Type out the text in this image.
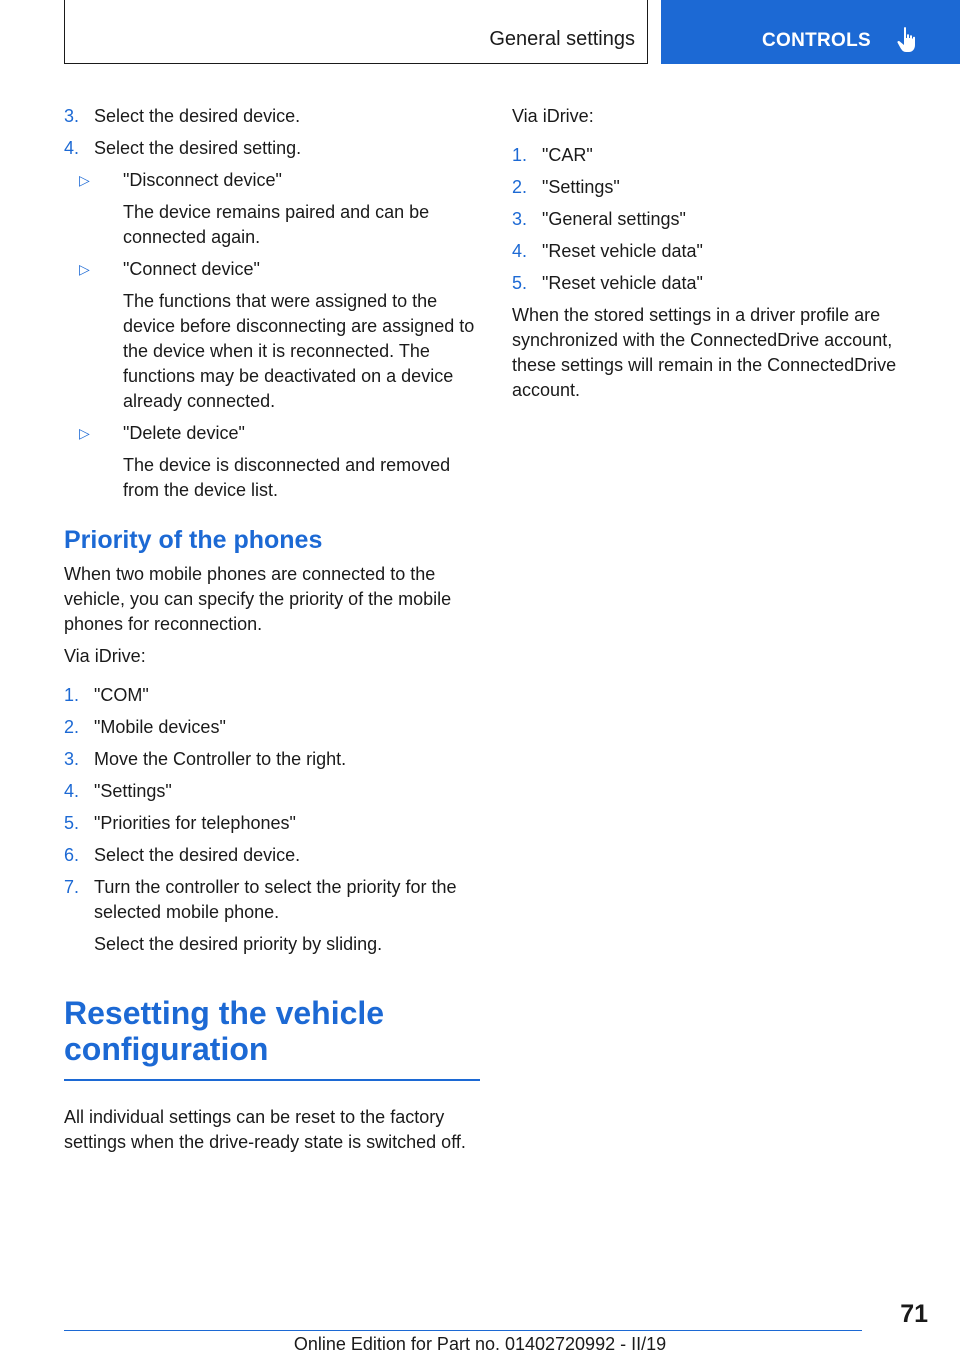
General settings	CONTROLS
3. Select the desired device.
4. Select the desired setting.
▷ "Disconnect device"
The device remains paired and can be connected again.
▷ "Connect device"
The functions that were assigned to the device before disconnecting are assigned to the device when it is reconnected. The functions may be deactivated on a device already connected.
▷ "Delete device"
The device is disconnected and removed from the device list.
Priority of the phones
When two mobile phones are connected to the vehicle, you can specify the priority of the mobile phones for reconnection.
Via iDrive:
1. "COM"
2. "Mobile devices"
3. Move the Controller to the right.
4. "Settings"
5. "Priorities for telephones"
6. Select the desired device.
7. Turn the controller to select the priority for the selected mobile phone.
Select the desired priority by sliding.
Resetting the vehicle configuration
All individual settings can be reset to the factory settings when the drive-ready state is switched off.
Via iDrive:
1. "CAR"
2. "Settings"
3. "General settings"
4. "Reset vehicle data"
5. "Reset vehicle data"
When the stored settings in a driver profile are synchronized with the ConnectedDrive account, these settings will remain in the ConnectedDrive account.
71
Online Edition for Part no. 01402720992 - II/19
